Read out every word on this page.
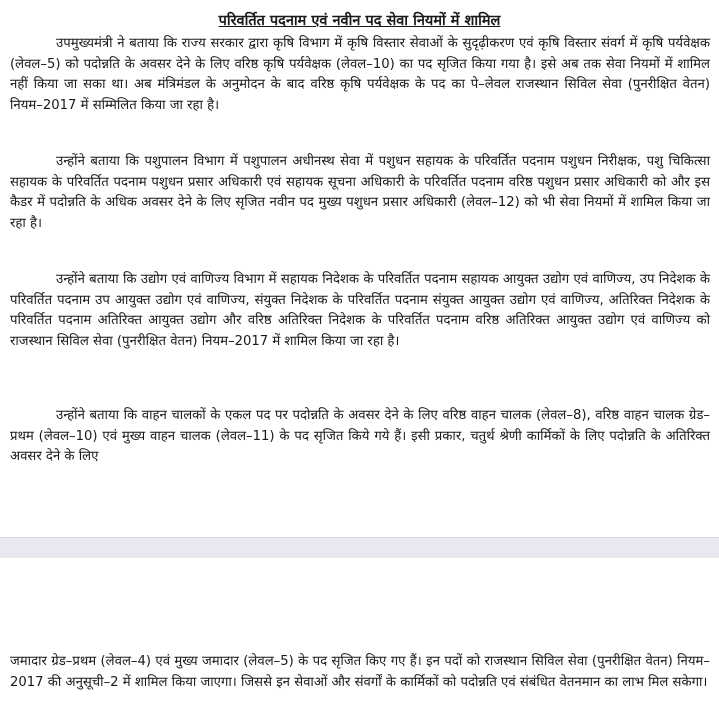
परिवर्तित पदनाम एवं नवीन पद सेवा नियमों में शामिल

उपमुख्यमंत्री ने बताया कि राज्य सरकार द्वारा कृषि विभाग में कृषि विस्तार सेवाओं के सुदृढ़ीकरण एवं कृषि विस्तार संवर्ग में कृषि पर्यवेक्षक (लेवल–5) को पदोन्नति के अवसर देने के लिए वरिष्ठ कृषि पर्यवेक्षक (लेवल–10) का पद सृजित किया गया है। इसे अब तक सेवा नियमों में शामिल नहीं किया जा सका था। अब मंत्रिमंडल के अनुमोदन के बाद वरिष्ठ कृषि पर्यवेक्षक के पद का पे–लेवल राजस्थान सिविल सेवा (पुनरीक्षित वेतन) नियम–2017 में सम्मिलित किया जा रहा है।

उन्होंने बताया कि पशुपालन विभाग में पशुपालन अधीनस्थ सेवा में पशुधन सहायक के परिवर्तित पदनाम पशुधन निरीक्षक, पशु चिकित्सा सहायक के परिवर्तित पदनाम पशुधन प्रसार अधिकारी एवं सहायक सूचना अधिकारी के परिवर्तित पदनाम वरिष्ठ पशुधन प्रसार अधिकारी को और इस कैडर में पदोन्नति के अधिक अवसर देने के लिए सृजित नवीन पद मुख्य पशुधन प्रसार अधिकारी (लेवल–12) को भी सेवा नियमों में शामिल किया जा रहा है।

उन्होंने बताया कि उद्योग एवं वाणिज्य विभाग में सहायक निदेशक के परिवर्तित पदनाम सहायक आयुक्त उद्योग एवं वाणिज्य, उप निदेशक के परिवर्तित पदनाम उप आयुक्त उद्योग एवं वाणिज्य, संयुक्त निदेशक के परिवर्तित पदनाम संयुक्त आयुक्त उद्योग एवं वाणिज्य, अतिरिक्त निदेशक के परिवर्तित पदनाम अतिरिक्त आयुक्त उद्योग और वरिष्ठ अतिरिक्त निदेशक के परिवर्तित पदनाम वरिष्ठ अतिरिक्त आयुक्त उद्योग एवं वाणिज्य को राजस्थान सिविल सेवा (पुनरीक्षित वेतन) नियम–2017 में शामिल किया जा रहा है।

उन्होंने बताया कि वाहन चालकों के एकल पद पर पदोन्नति के अवसर देने के लिए वरिष्ठ वाहन चालक (लेवल–8), वरिष्ठ वाहन चालक ग्रेड–प्रथम (लेवल–10) एवं मुख्य वाहन चालक (लेवल–11) के पद सृजित किये गये हैं। इसी प्रकार, चतुर्थ श्रेणी कार्मिकों के लिए पदोन्नति के अतिरिक्त अवसर देने के लिए

जमादार ग्रेड–प्रथम (लेवल–4) एवं मुख्य जमादार (लेवल–5) के पद सृजित किए गए हैं। इन पदों को राजस्थान सिविल सेवा (पुनरीक्षित वेतन) नियम–2017 की अनुसूची–2 में शामिल किया जाएगा। जिससे इन सेवाओं और संवर्गों के कार्मिकों को पदोन्नति एवं संबंधित वेतनमान का लाभ मिल सकेगा।
